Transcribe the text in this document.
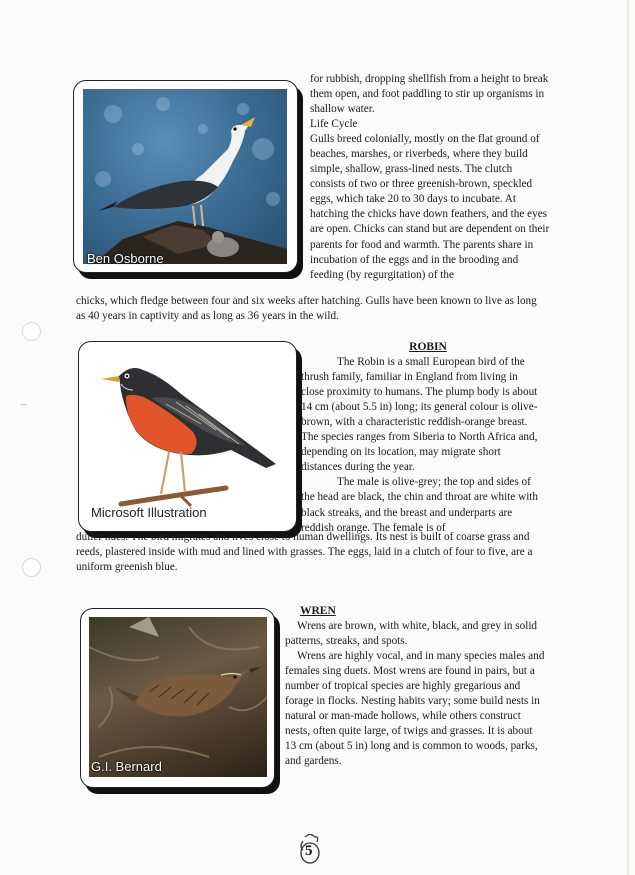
‐–
Ben Osborne

for rubbish, dropping shellfish from a height to break them open, and foot paddling to stir up organisms in shallow water.

Life Cycle

Gulls breed colonially, mostly on the flat ground of beaches, marshes, or riverbeds, where they build simple, shallow, grass-lined nests. The clutch consists of two or three greenish-brown, speckled eggs, which take 20 to 30 days to incubate. At hatching the chicks have down feathers, and the eyes are open. Chicks can stand but are dependent on their parents for food and warmth. The parents share in incubation of the eggs and in the brooding and feeding (by regurgitation) of the

chicks, which fledge between four and six weeks after hatching. Gulls have been known to live as long as 40 years in captivity and as long as 36 years in the wild.

Microsoft Illustration

ROBIN

The Robin is a small European bird of the thrush family, familiar in England from living in close proximity to humans. The plump body is about 14 cm (about 5.5 in) long; its general colour is olive-brown, with a characteristic reddish-orange breast. The species ranges from Siberia to North Africa and, depending on its location, may migrate short distances during the year.

The male is olive-grey; the top and sides of the head are black, the chin and throat are white with black streaks, and the breast and underparts are reddish orange. The female is of

duller hues. The bird migrates and lives close to human dwellings. Its nest is built of coarse grass and reeds, plastered inside with mud and lined with grasses. The eggs, laid in a clutch of four to five, are a uniform greenish blue.

G.I. Bernard

WREN

Wrens are brown, with white, black, and grey in solid patterns, streaks, and spots.

Wrens are highly vocal, and in many species males and females sing duets. Most wrens are found in pairs, but a number of tropical species are highly gregarious and forage in flocks. Nesting habits vary; some build nests in natural or man-made hollows, while others construct nests, often quite large, of twigs and grasses. It is about 13 cm (about 5 in) long and is common to woods, parks, and gardens.

5
